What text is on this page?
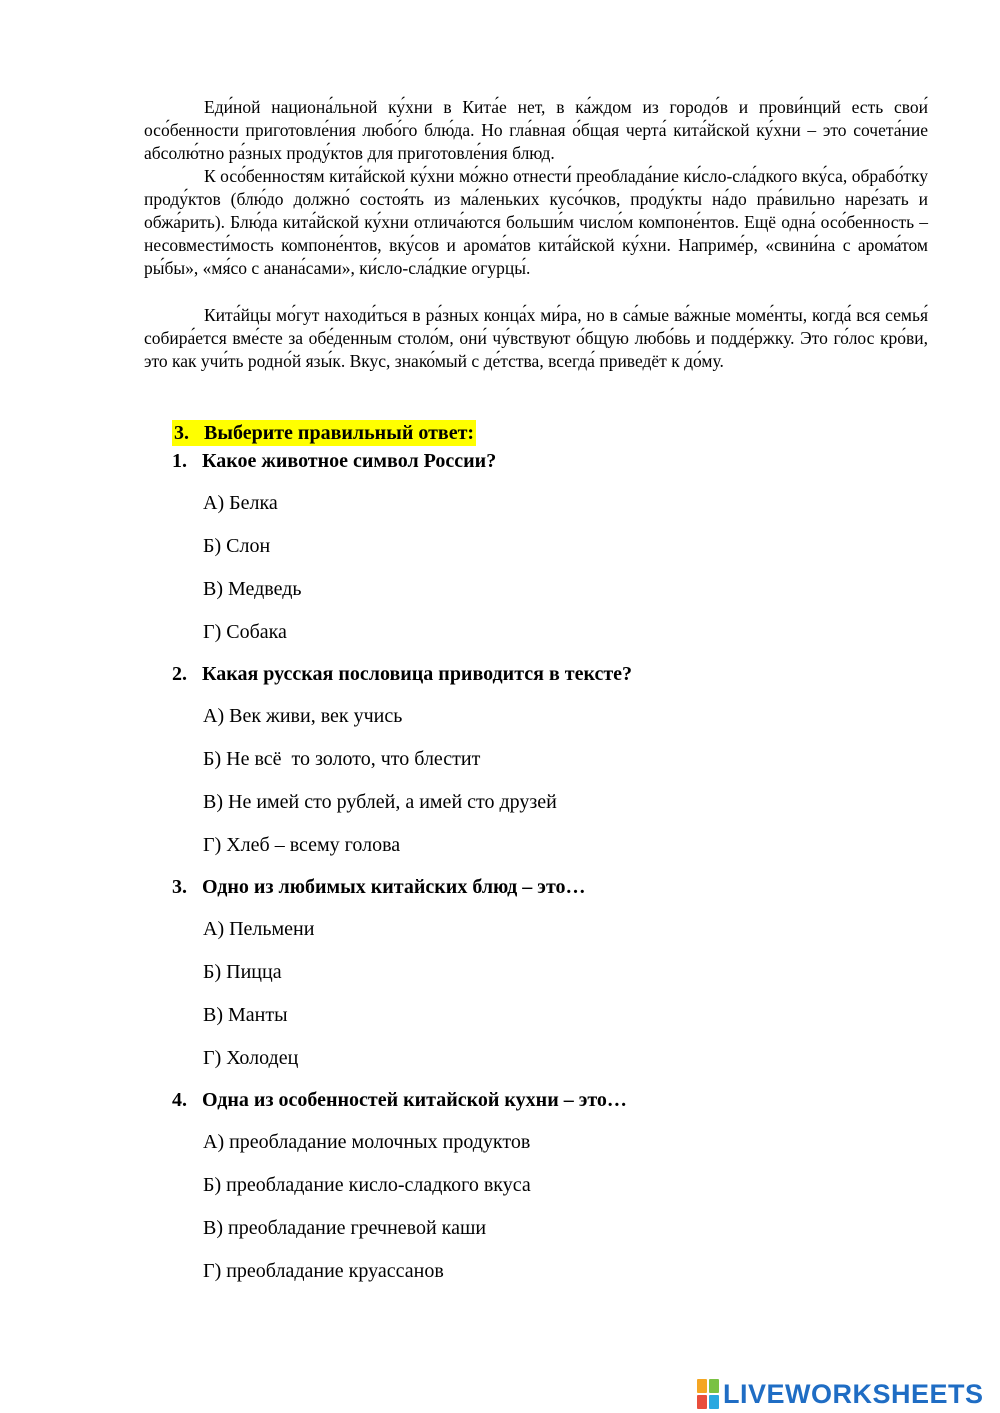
Еди́ной национа́льной ку́хни в Кита́е нет, в ка́ждом из городо́в и прови́нций есть свои́ осо́бенности приготовле́ния любо́го блю́да. Но гла́вная о́бщая черта́ кита́йской ку́хни – это сочета́ние абсолю́тно ра́зных проду́ктов для приготовле́ния блюд.

К осо́бенностям кита́йской ку́хни мо́жно отнести́ преоблада́ние ки́сло-сла́дкого вку́са, обрабо́тку проду́ктов (блю́до должно́ состоя́ть из ма́леньких кусо́чков, проду́кты на́до пра́вильно наре́зать и обжа́рить). Блю́да кита́йской ку́хни отлича́ются больши́м число́м компоне́нтов. Ещё одна́ осо́бенность –несовмести́мость компоне́нтов, вку́сов и арома́тов кита́йской ку́хни. Наприме́р, «свини́на с арома́том ры́бы», «мя́со с анана́сами», ки́сло-сла́дкие огурцы́.

Кита́йцы мо́гут находи́ться в ра́зных конца́х ми́ра, но в са́мые ва́жные моме́нты, когда́ вся семья́ собира́ется вме́сте за обе́денным столо́м, они́ чу́вствуют о́бщую любо́вь и подде́ржку. Это го́лос кро́ви, это как учи́ть родно́й язы́к. Вкус, знако́мый с де́тства, всегда́ приведёт к до́му.

3. Выберите правильный ответ:
1. Какое животное символ России?
А) Белка
Б) Слон
В) Медведь
Г) Собака
2. Какая русская пословица приводится в тексте?
А) Век живи, век учись
Б) Не всё  то золото, что блестит
В) Не имей сто рублей, а имей сто друзей
Г) Хлеб – всему голова
3. Одно из любимых китайских блюд – это…
А) Пельмени
Б) Пицца
В) Манты
Г) Холодец
4. Одна из особенностей китайской кухни – это…
А) преобладание молочных продуктов
Б) преобладание кисло-сладкого вкуса
В) преобладание гречневой каши
Г) преобладание круассанов
LIVEWORKSHEETS
